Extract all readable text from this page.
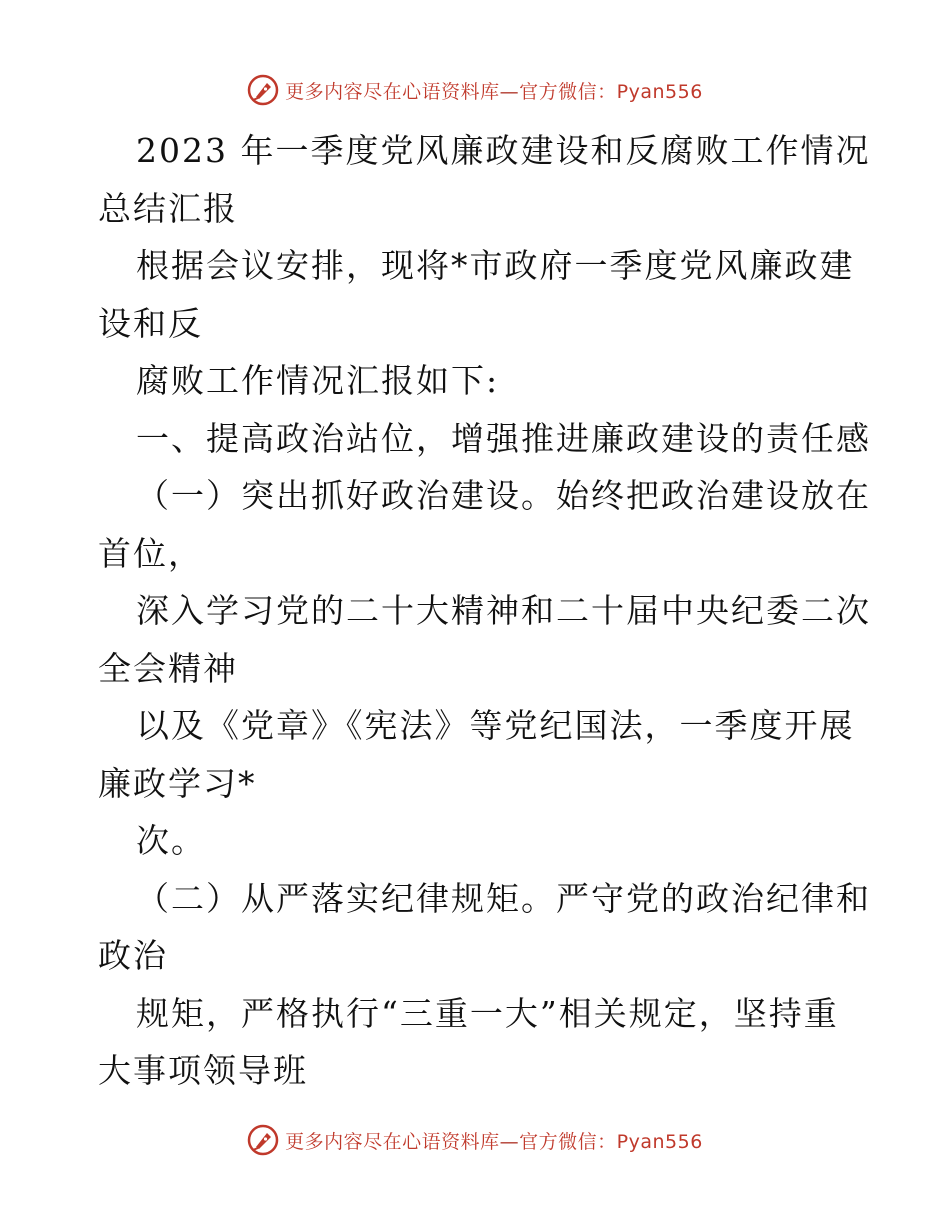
更多内容尽在心语资料库—官方微信：Pyan556
2023 年一季度党风廉政建设和反腐败工作情况
总结汇报
根据会议安排，现将*市政府一季度党风廉政建
设和反
腐败工作情况汇报如下:
一、提高政治站位，增强推进廉政建设的责任感
（一）突出抓好政治建设。始终把政治建设放在
首位，
深入学习党的二十大精神和二十届中央纪委二次
全会精神
以及《党章》《宪法》等党纪国法，一季度开展
廉政学习*
次。
（二）从严落实纪律规矩。严守党的政治纪律和
政治
规矩，严格执行“三重一大”相关规定，坚持重
大事项领导班
更多内容尽在心语资料库—官方微信：Pyan556
